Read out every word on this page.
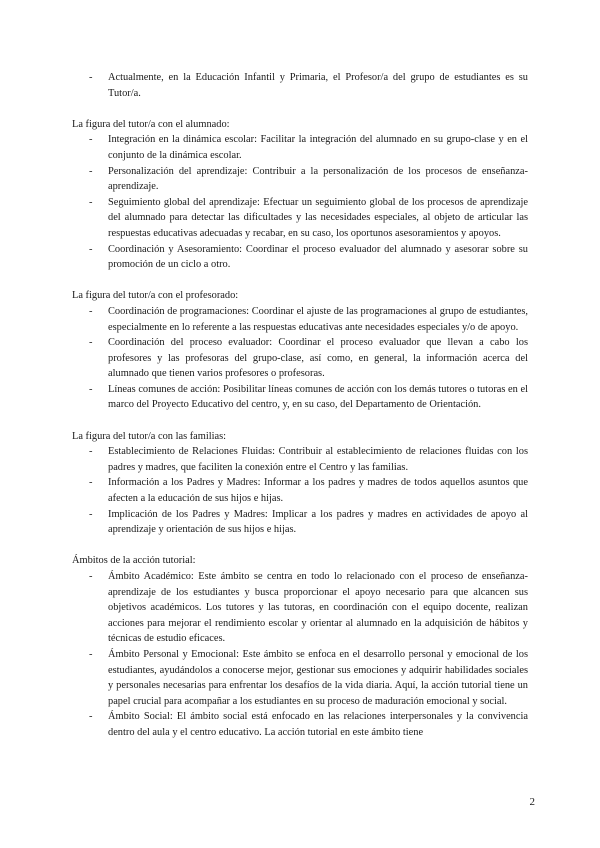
- Actualmente, en la Educación Infantil y Primaria, el Profesor/a del grupo de estudiantes es su Tutor/a.

La figura del tutor/a con el alumnado:

- Integración en la dinámica escolar: Facilitar la integración del alumnado en su grupo-clase y en el conjunto de la dinámica escolar.
- Personalización del aprendizaje: Contribuir a la personalización de los procesos de enseñanza-aprendizaje.
- Seguimiento global del aprendizaje: Efectuar un seguimiento global de los procesos de aprendizaje del alumnado para detectar las dificultades y las necesidades especiales, al objeto de articular las respuestas educativas adecuadas y recabar, en su caso, los oportunos asesoramientos y apoyos.
- Coordinación y Asesoramiento: Coordinar el proceso evaluador del alumnado y asesorar sobre su promoción de un ciclo a otro.

La figura del tutor/a con el profesorado:

- Coordinación de programaciones: Coordinar el ajuste de las programaciones al grupo de estudiantes, especialmente en lo referente a las respuestas educativas ante necesidades especiales y/o de apoyo.
- Coordinación del proceso evaluador: Coordinar el proceso evaluador que llevan a cabo los profesores y las profesoras del grupo-clase, así como, en general, la información acerca del alumnado que tienen varios profesores o profesoras.
- Líneas comunes de acción: Posibilitar líneas comunes de acción con los demás tutores o tutoras en el marco del Proyecto Educativo del centro, y, en su caso, del Departamento de Orientación.

La figura del tutor/a con las familias:

- Establecimiento de Relaciones Fluidas: Contribuir al establecimiento de relaciones fluidas con los padres y madres, que faciliten la conexión entre el Centro y las familias.
- Información a los Padres y Madres: Informar a los padres y madres de todos aquellos asuntos que afecten a la educación de sus hijos e hijas.
- Implicación de los Padres y Madres: Implicar a los padres y madres en actividades de apoyo al aprendizaje y orientación de sus hijos e hijas.

Ámbitos de la acción tutorial:

- Ámbito Académico: Este ámbito se centra en todo lo relacionado con el proceso de enseñanza-aprendizaje de los estudiantes y busca proporcionar el apoyo necesario para que alcancen sus objetivos académicos. Los tutores y las tutoras, en coordinación con el equipo docente, realizan acciones para mejorar el rendimiento escolar y orientar al alumnado en la adquisición de hábitos y técnicas de estudio eficaces.
- Ámbito Personal y Emocional: Este ámbito se enfoca en el desarrollo personal y emocional de los estudiantes, ayudándolos a conocerse mejor, gestionar sus emociones y adquirir habilidades sociales y personales necesarias para enfrentar los desafíos de la vida diaria. Aquí, la acción tutorial tiene un papel crucial para acompañar a los estudiantes en su proceso de maduración emocional y social.
- Ámbito Social: El ámbito social está enfocado en las relaciones interpersonales y la convivencia dentro del aula y el centro educativo. La acción tutorial en este ámbito tiene
2
